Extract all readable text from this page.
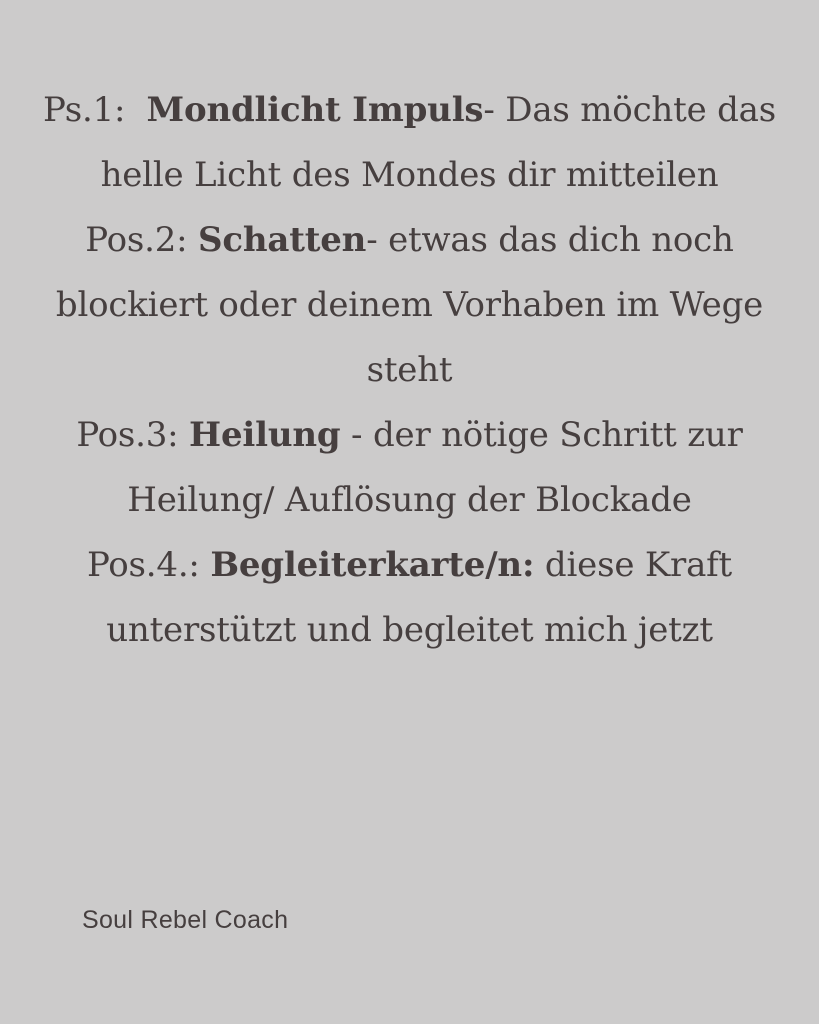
Ps.1: Mondlicht Impuls- Das möchte das helle Licht des Mondes dir mitteilen

Pos.2: Schatten- etwas das dich noch blockiert oder deinem Vorhaben im Wege steht

Pos.3: Heilung - der nötige Schritt zur Heilung/ Auflösung der Blockade

Pos.4.: Begleiterkarte/n: diese Kraft unterstützt und begleitet mich jetzt

Soul Rebel Coach
